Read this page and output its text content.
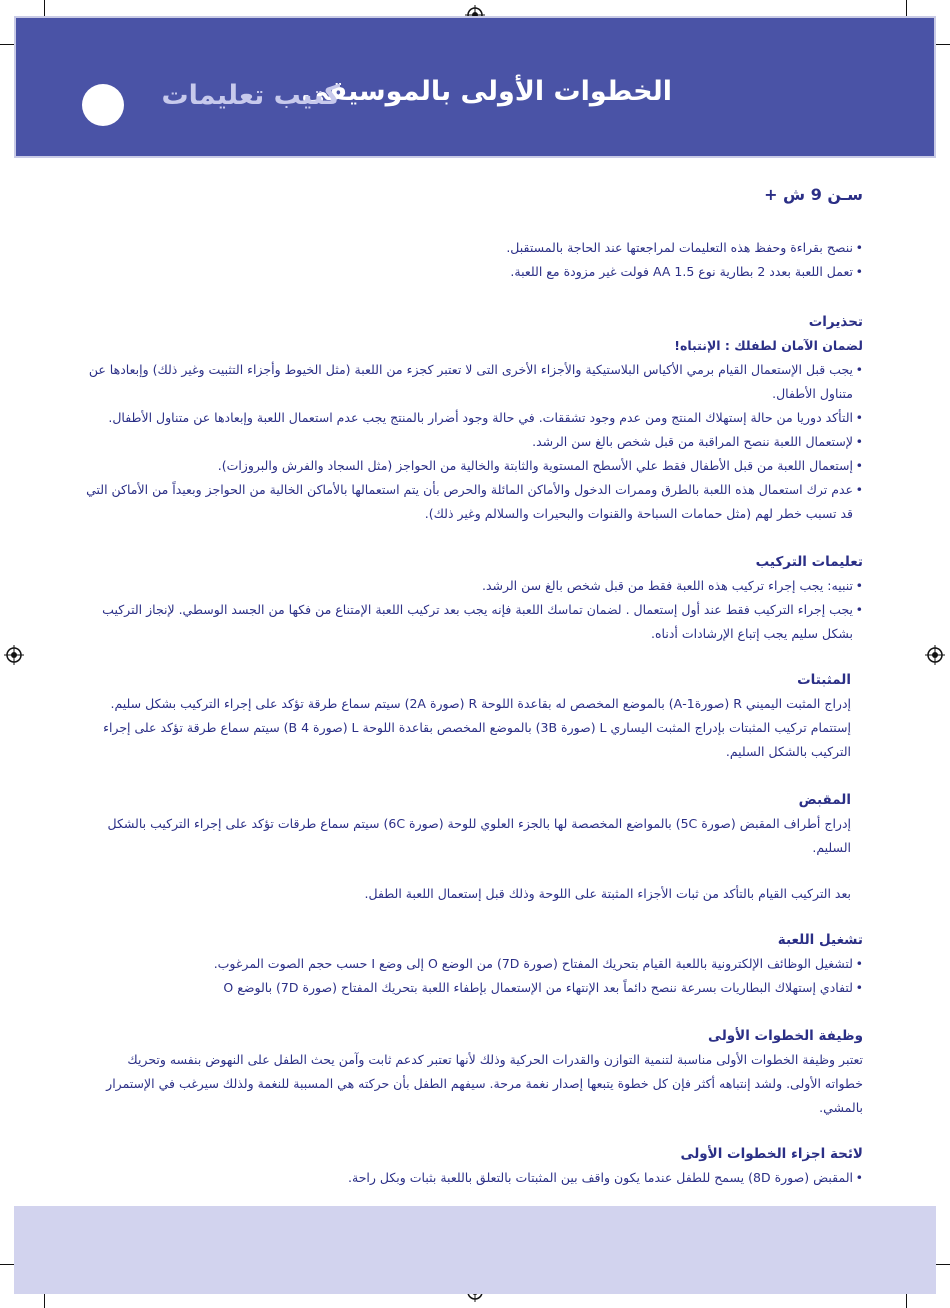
الخطوات الأولى بالموسيقى
كتيب تعليمات
سـن 9 ش +
• ننصح بقراءة وحفظ هذه التعليمات لمراجعتها عند الحاجة بالمستقبل.
• تعمل اللعبة بعدد 2 بطارية نوع AA 1.5 فولت غير مزودة مع اللعبة.
تحذيرات
لضمان الآمان لطفلك : الإنتباه!
• يجب قبل الإستعمال القيام برمي الأكياس البلاستيكية والأجزاء الأخرى التى لا تعتبر كجزء من اللعبة (مثل الخيوط وأجزاء التثبيت وغير ذلك) وإبعادها عن متناول الأطفال.
• التأكد دوريا من حالة إستهلاك المنتج ومن عدم وجود تشققات. في حالة وجود أضرار بالمنتج يجب عدم استعمال اللعبة وإبعادها عن متناول الأطفال.
• لإستعمال اللعبة ننصح المراقبة من قبل شخص بالغ سن الرشد.
• إستعمال اللعبة من قبل الأطفال فقط علي الأسطح المستوية والثابتة والخالية من الحواجز (مثل السجاد والفرش والبروزات).
• عدم ترك استعمال هذه اللعبة بالطرق وممرات الدخول والأماكن المائلة والحرص بأن يتم استعمالها بالأماكن الخالية من الحواجز وبعيداً من الأماكن التي قد تسبب خطر لهم (مثل حمامات السباحة والقنوات والبحيرات والسلالم وغير ذلك).
تعليمات التركيب
• تنبيه: يجب إجراء تركيب هذه اللعبة فقط من قبل شخص بالغ سن الرشد.
• يجب إجراء التركيب فقط عند أول إستعمال . لضمان تماسك اللعبة فإنه يجب بعد تركيب اللعبة الإمتناع من فكها من الجسد الوسطي. لإنجاز التركيب بشكل سليم يجب إتباع الإرشادات أدناه.
المثبتات

إدراج المثبت اليميني R (صورة1-A) بالموضع المخصص له بقاعدة اللوحة R (صورة 2A) سيتم سماع طرقة تؤكد على إجراء التركيب بشكل سليم. إستتمام تركيب المثبتات بإدراج المثبت اليساري L (صورة 3B) بالموضع المخصص بقاعدة اللوحة L (صورة 4 B) سيتم سماع طرقة تؤكد على إجراء التركيب بالشكل السليم.

المقبض

إدراج أطراف المقبض (صورة 5C) بالمواضع المخصصة لها بالجزء العلوي للوحة (صورة 6C) سيتم سماع طرقات تؤكد على إجراء التركيب بالشكل السليم.

بعد التركيب القيام بالتأكد من ثبات الأجزاء المثبتة على اللوحة وذلك قبل إستعمال اللعبة الطفل.

تشغيل اللعبة
• لتشغيل الوظائف الإلكترونية باللعبة القيام بتحريك المفتاح (صورة 7D) من الوضع O إلى وضع I حسب حجم الصوت المرغوب.
• لتفادي إستهلاك البطاريات بسرعة ننصح دائماً بعد الإنتهاء من الإستعمال بإطفاء اللعبة بتحريك المفتاح (صورة 7D) بالوضع O
وظيفة الخطوات الأولى

تعتبر وظيفة الخطوات الأولى مناسبة لتنمية التوازن والقدرات الحركية وذلك لأنها تعتبر كدعم ثابت وآمن يحث الطفل على النهوض بنفسه وتحريك خطواته الأولى. ولشد إنتباهه أكثر فإن كل خطوة يتبعها إصدار نغمة مرحة. سيفهم الطفل بأن حركته هي المسببة للنغمة ولذلك سيرغب في الإستمرار بالمشي.

لائحة اجزاء الخطوات الأولى
• المقبض (صورة 8D) يسمح للطفل عندما يكون واقف بين المثبتات بالتعلق باللعبة بثبات وبكل راحة.
